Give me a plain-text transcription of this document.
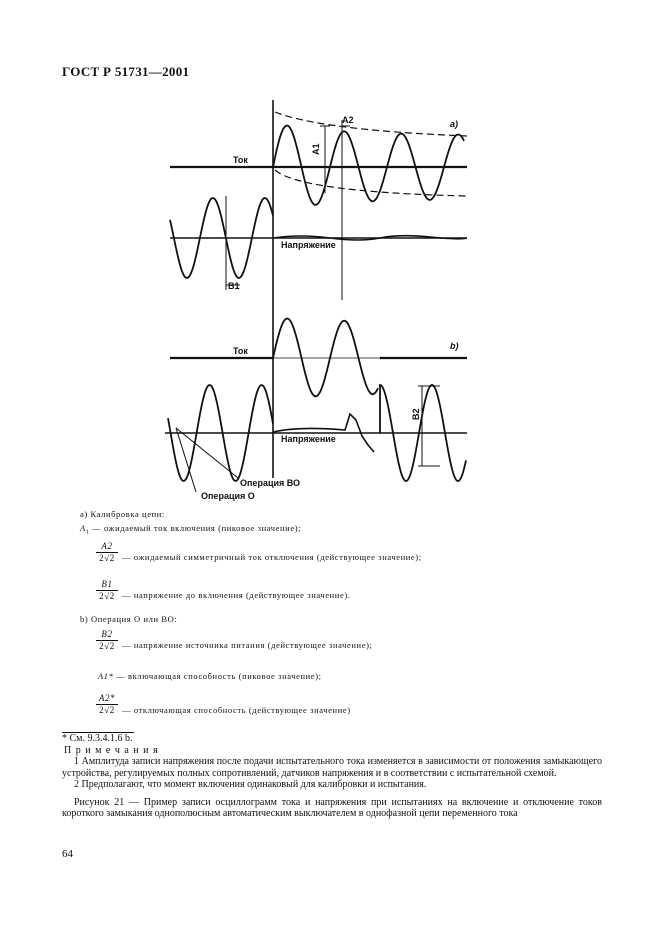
ГОСТ Р 51731—2001
Ток
Напряжение
Ток
Напряжение
а)
b)
A2
A1
B1
B2
Операция ВО
Операция О
а) Калибровка цепи:
$A_1$ — ожидаемый ток включения (пиковое значение);
$\frac{A2}{2√2}$ — ожидаемый симметричный ток отключения (действующее значение);
$\frac{B1}{2√2}$ — напряжение до включения (действующее значение).
b) Операция О или ВО:
$\frac{B2}{2√2}$ — напряжение источника питания (действующее значение);
A1* — включающая способность (пиковое значение);
$\frac{A2*}{2√2}$ — отключающая способность (действующее значение)

* См. 9.3.4.1.6 b.

П р и м е ч а н и я

1 Амплитуда записи напряжения после подачи испытательного тока изменяется в зависимости от положения замыкающего устройства, регулируемых полных сопротивлений, датчиков напряжения и в соответствии с испытательной схемой.

2 Предполагают, что момент включения одинаковый для калибровки и испытания.

Рисунок 21 — Пример записи осциллограмм тока и напряжения при испытаниях на включение и отключение токов короткого замыкания однополюсным автоматическим выключателем в однофазной цепи переменного тока

64
